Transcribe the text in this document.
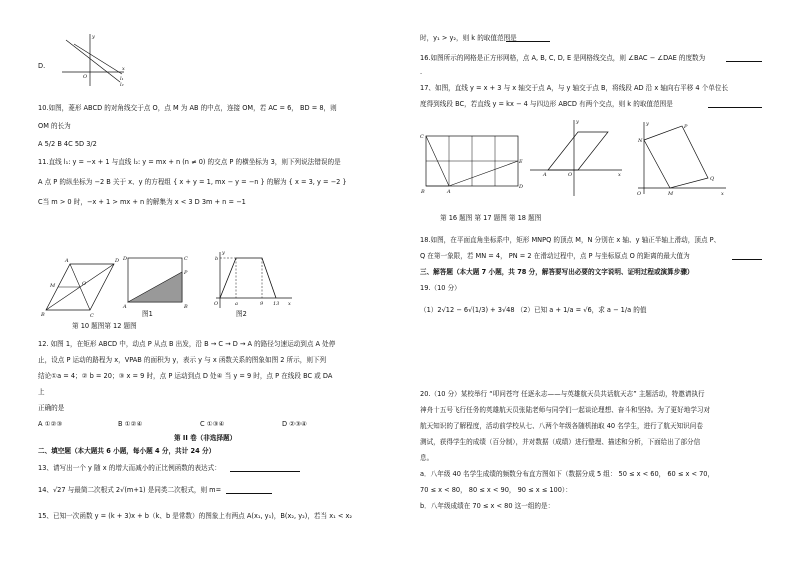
y
O
x
l₁
l₂
D.
10.如图，菱形 ABCD 的对角线交于点 O，点 M 为 AB 的中点，连接 OM，若 AC = 6， BD = 8，则
OM 的长为
A 5/2 B 4C 5D 3/2
11.直线 l₁: y = −x + 1 与直线 l₂: y = mx + n (n ≠ 0) 的交点 P 的横坐标为 3，则下列说法错误的是
A 点 P 的纵坐标为 −2 B 关于 x、y 的方程组 { x + y = 1, mx − y = −n } 的解为 { x = 3, y = −2 }
C当 m > 0 时，−x + 1 > mx + n 的解集为 x < 3 D 3m + n = −1
A
B	C
D
M	O
D	C
P
A	B
图1
y
b
O	a	9 13 x
图2
第 10 题图第 12 题图
12. 如图 1，在矩形 ABCD 中，动点 P 从点 B 出发，沿 B → C → D → A 的路径匀速运动到点 A 处停
止，设点 P 运动的路程为 x，VPAB 的面积为 y，表示 y 与 x 函数关系的图象如图 2 所示，则下列
结论①a = 4；② b = 20；③ x = 9 时，点 P 运动到点 D 处④ 当 y = 9 时，点 P 在线段 BC 或 DA
上
正确的是
A ①②③	B ①②④	C ①③④	D ②③④
第 II 卷（非选择题）
二、填空题（本大题共 6 小题，每小题 4 分，共计 24 分）
13、请写出一个 y 随 x 的增大而减小的正比例函数的表达式：
14、√27 与最简二次根式 2√(m+1) 是同类二次根式，则 m=
15、已知一次函数 y = (k + 3)x + b（k、b 是常数）的图象上有两点 A(x₁, y₁)，B(x₂, y₂)，若当 x₁ < x₂
时，y₁ > y₂，则 k 的取值范围是
16.如图所示的网格是正方形网格，点 A, B, C, D, E 是网格线交点，则 ∠BAC − ∠DAE 的度数为
.
17、如图，直线 y = x + 3 与 x 轴交于点 A，与 y 轴交于点 B，将线段 AD 沿 x 轴向右平移 4 个单位长
度得到线段 BC，若直线 y = kx − 4 与四边形 ABCD 有两个交点，则 k 的取值范围是
C
A
B
D
E
y
A	O	x
y	P
N
Q
O	M	x
第 16 题图 第 17 题图 第 18 题图
18.如图，在平面直角坐标系中，矩形 MNPQ 的顶点 M，N 分别在 x 轴、y 轴正半轴上滑动，顶点 P、
Q 在第一象限，若 MN = 4， PN = 2 在滑动过程中，点 P 与坐标原点 O 的距离的最大值为
三、解答题（本大题 7 小题，共 78 分，解答要写出必要的文字说明、证明过程或演算步骤）
19.（10 分）
（1）2√12 − 6√(1/3) + 3√48 （2）已知 a + 1/a = √6，求 a − 1/a 的值
20.（10 分）某校举行 “叩问苍穹 任逐永志——与英雄航天员共话航天志” 主题活动，特邀请执行
神舟十五号飞行任务的英雄航天员张陆老师与同学们一起谈论理想、奋斗和坚持。为了更好地学习对
航天知识的了解程度，活动前学校从七、八两个年级各随机抽取 40 名学生，进行了航天知识问卷
测试，获得学生的成绩（百分制），并对数据（成绩）进行整理、描述和分析，下面给出了部分信
息。
a．八年级 40 名学生成绩的频数分布直方图如下（数据分成 5 组： 50 ≤ x < 60， 60 ≤ x < 70，
70 ≤ x < 80， 80 ≤ x < 90， 90 ≤ x ≤ 100）：
b．八年级成绩在 70 ≤ x < 80 这一组的是：
